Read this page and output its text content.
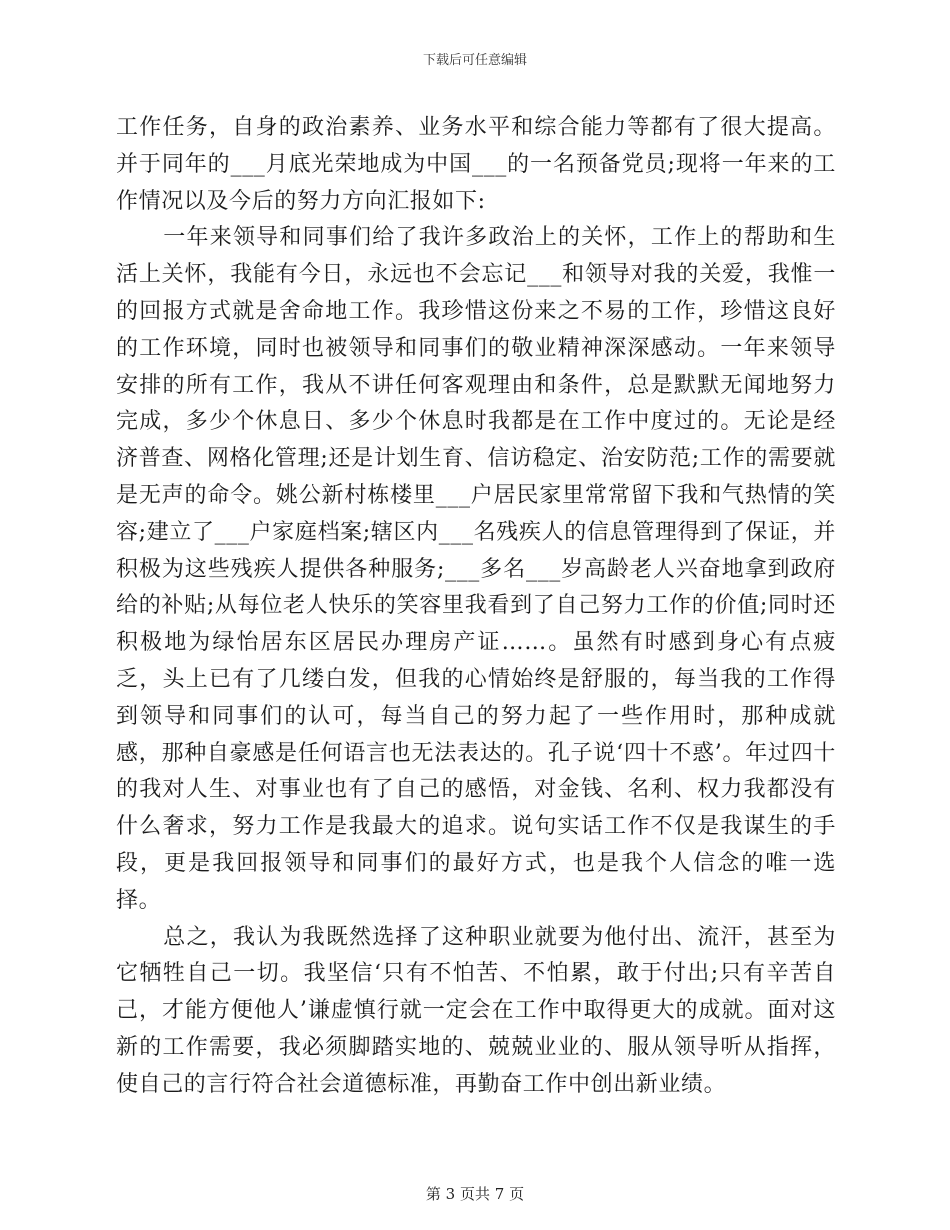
下载后可任意编辑

工作任务，自身的政治素养、业务水平和综合能力等都有了很大提高。并于同年的___月底光荣地成为中国___的一名预备党员;现将一年来的工作情况以及今后的努力方向汇报如下:

一年来领导和同事们给了我许多政治上的关怀，工作上的帮助和生活上关怀，我能有今日，永远也不会忘记___和领导对我的关爱，我惟一的回报方式就是舍命地工作。我珍惜这份来之不易的工作，珍惜这良好的工作环境，同时也被领导和同事们的敬业精神深深感动。一年来领导安排的所有工作，我从不讲任何客观理由和条件，总是默默无闻地努力完成，多少个休息日、多少个休息时我都是在工作中度过的。无论是经济普查、网格化管理;还是计划生育、信访稳定、治安防范;工作的需要就是无声的命令。姚公新村栋楼里___户居民家里常常留下我和气热情的笑容;建立了___户家庭档案;辖区内___名残疾人的信息管理得到了保证，并积极为这些残疾人提供各种服务;___多名___岁高龄老人兴奋地拿到政府给的补贴;从每位老人快乐的笑容里我看到了自己努力工作的价值;同时还积极地为绿怡居东区居民办理房产证……。虽然有时感到身心有点疲乏，头上已有了几缕白发，但我的心情始终是舒服的，每当我的工作得到领导和同事们的认可，每当自己的努力起了一些作用时，那种成就感，那种自豪感是任何语言也无法表达的。孔子说‘四十不惑’。年过四十的我对人生、对事业也有了自己的感悟，对金钱、名利、权力我都没有什么奢求，努力工作是我最大的追求。说句实话工作不仅是我谋生的手段，更是我回报领导和同事们的最好方式，也是我个人信念的唯一选择。

总之，我认为我既然选择了这种职业就要为他付出、流汗，甚至为它牺牲自己一切。我坚信‘只有不怕苦、不怕累，敢于付出;只有辛苦自己，才能方便他人’谦虚慎行就一定会在工作中取得更大的成就。面对这新的工作需要，我必须脚踏实地的、兢兢业业的、服从领导听从指挥，使自己的言行符合社会道德标准，再勤奋工作中创出新业绩。

第 3 页共 7 页
